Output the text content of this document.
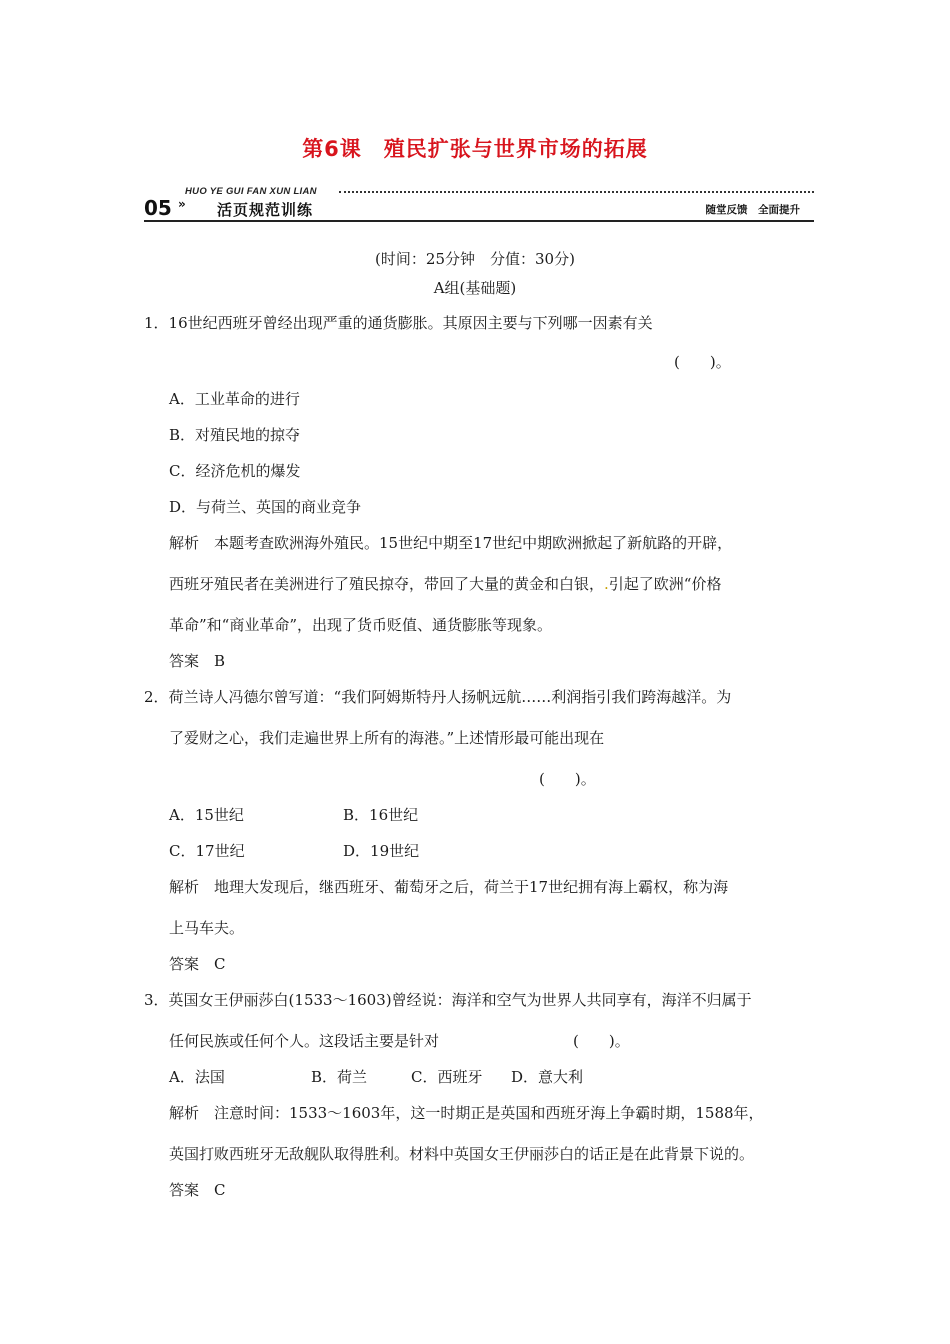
第6课　殖民扩张与世界市场的拓展
HUO YE GUI FAN XUN LIAN
05 » 活页规范训练	随堂反馈　全面提升
(时间：25分钟　分值：30分)
A组(基础题)
1．16世纪西班牙曾经出现严重的通货膨胀。其原因主要与下列哪一因素有关
(　　)。
A．工业革命的进行
B．对殖民地的掠夺
C．经济危机的爆发
D．与荷兰、英国的商业竞争
解析　本题考查欧洲海外殖民。15世纪中期至17世纪中期欧洲掀起了新航路的开辟，
西班牙殖民者在美洲进行了殖民掠夺，带回了大量的黄金和白银，.引起了欧洲“价格
革命”和“商业革命”，出现了货币贬值、通货膨胀等现象。
答案　B
2．荷兰诗人冯德尔曾写道：“我们阿姆斯特丹人扬帆远航……利润指引我们跨海越洋。为
了爱财之心，我们走遍世界上所有的海港。”上述情形最可能出现在
(　　)。
A．15世纪	B．16世纪
C．17世纪	D．19世纪
解析　地理大发现后，继西班牙、葡萄牙之后，荷兰于17世纪拥有海上霸权，称为海
上马车夫。
答案　C
3．英国女王伊丽莎白(1533～1603)曾经说：海洋和空气为世界人共同享有，海洋不归属于
任何民族或任何个人。这段话主要是针对	(　　)。
A．法国	B．荷兰	C．西班牙 D．意大利
解析　注意时间：1533～1603年，这一时期正是英国和西班牙海上争霸时期，1588年，
英国打败西班牙无敌舰队取得胜利。材料中英国女王伊丽莎白的话正是在此背景下说的。
答案　C
